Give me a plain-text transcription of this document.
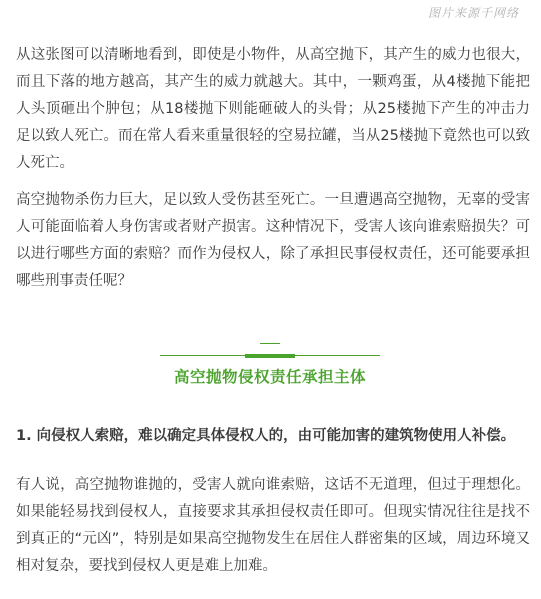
图片来源千网络

从这张图可以清晰地看到，即使是小物件，从高空抛下，其产生的威力也很大，而且下落的地方越高，其产生的威力就越大。其中，一颗鸡蛋，从4楼抛下能把人头顶砸出个肿包；从18楼抛下则能砸破人的头骨；从25楼抛下产生的冲击力足以致人死亡。而在常人看来重量很轻的空易拉罐，当从25楼抛下竟然也可以致人死亡。

高空抛物杀伤力巨大，足以致人受伤甚至死亡。一旦遭遇高空抛物，无辜的受害人可能面临着人身伤害或者财产损害。这种情况下，受害人该向谁索赔损失？可以进行哪些方面的索赔？而作为侵权人，除了承担民事侵权责任，还可能要承担哪些刑事责任呢？

高空抛物侵权责任承担主体

1. 向侵权人索赔，难以确定具体侵权人的，由可能加害的建筑物使用人补偿。

有人说，高空抛物谁抛的，受害人就向谁索赔，这话不无道理，但过于理想化。如果能轻易找到侵权人，直接要求其承担侵权责任即可。但现实情况往往是找不到真正的“元凶”，特别是如果高空抛物发生在居住人群密集的区域，周边环境又相对复杂，要找到侵权人更是难上加难。
